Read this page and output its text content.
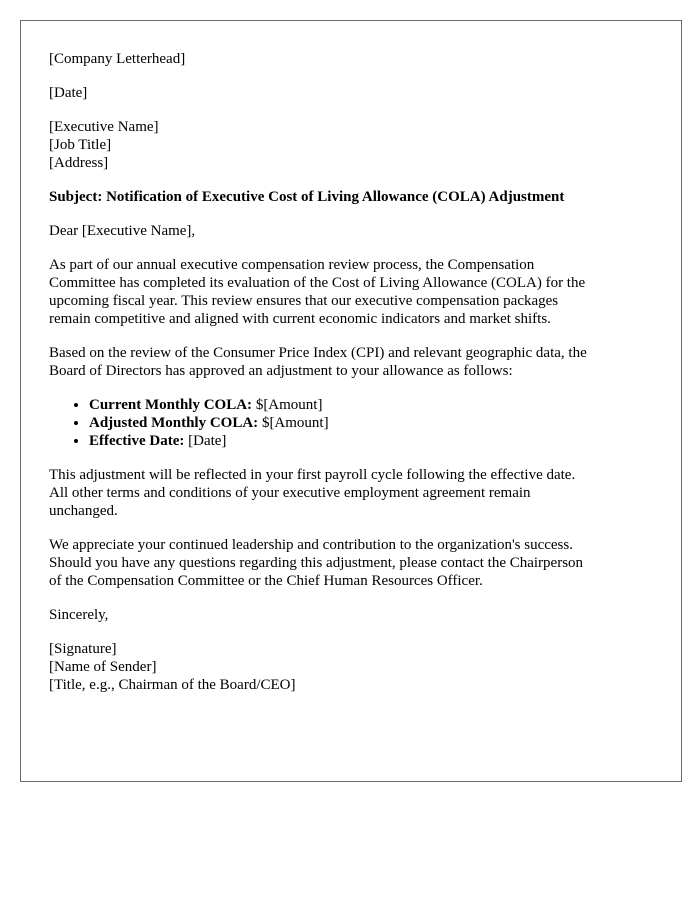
[Company Letterhead]
[Date]
[Executive Name]
[Job Title]
[Address]
Subject: Notification of Executive Cost of Living Allowance (COLA) Adjustment
Dear [Executive Name],
As part of our annual executive compensation review process, the Compensation
Committee has completed its evaluation of the Cost of Living Allowance (COLA) for the
upcoming fiscal year. This review ensures that our executive compensation packages
remain competitive and aligned with current economic indicators and market shifts.
Based on the review of the Consumer Price Index (CPI) and relevant geographic data, the
Board of Directors has approved an adjustment to your allowance as follows:
• Current Monthly COLA: $[Amount]
• Adjusted Monthly COLA: $[Amount]
• Effective Date: [Date]
This adjustment will be reflected in your first payroll cycle following the effective date.
All other terms and conditions of your executive employment agreement remain
unchanged.
We appreciate your continued leadership and contribution to the organization's success.
Should you have any questions regarding this adjustment, please contact the Chairperson
of the Compensation Committee or the Chief Human Resources Officer.
Sincerely,
[Signature]
[Name of Sender]
[Title, e.g., Chairman of the Board/CEO]
